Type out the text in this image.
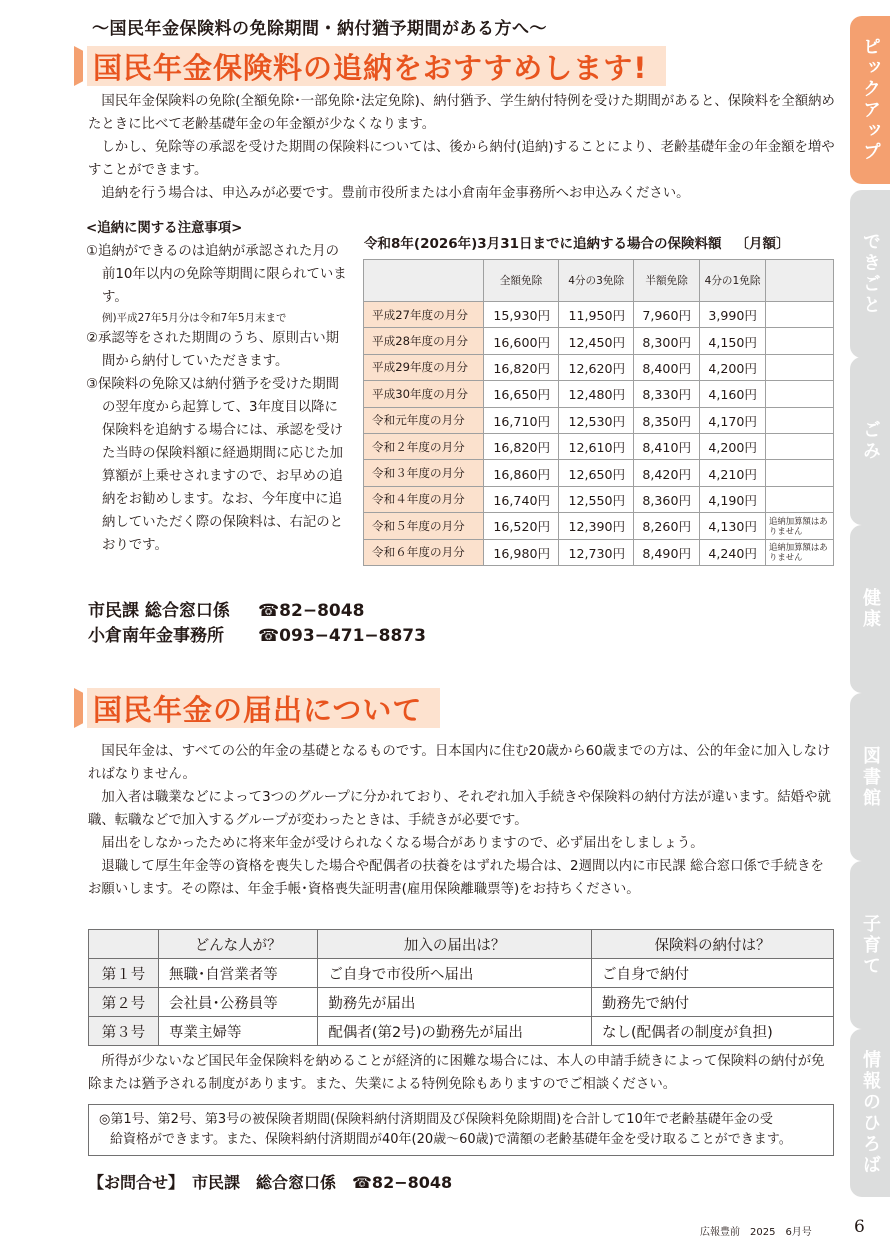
～国民年金保険料の免除期間・納付猶予期間がある方へ～
国民年金保険料の追納をおすすめします!

国民年金保険料の免除(全額免除･一部免除･法定免除)、納付猶予、学生納付特例を受けた期間があると、保険料を全額納めたときに比べて老齢基礎年金の年金額が少なくなります。

しかし、免除等の承認を受けた期間の保険料については、後から納付(追納)することにより、老齢基礎年金の年金額を増やすことができます。

追納を行う場合は、申込みが必要です。豊前市役所または小倉南年金事務所へお申込みください。

<追納に関する注意事項>
①追納ができるのは追納が承認された月の前10年以内の免除等期間に限られています。
例)平成27年5月分は令和7年5月末まで
②承認等をされた期間のうち、原則古い期間から納付していただきます。
③保険料の免除又は納付猶予を受けた期間の翌年度から起算して、3年度目以降に保険料を追納する場合には、承認を受けた当時の保険料額に経過期間に応じた加算額が上乗せされますので、お早めの追納をお勧めします。なお、今年度中に追納していただく際の保険料は、右記のとおりです。
市民課 総合窓口係 ☎82−8048
小倉南年金事務所 ☎093−471−8873
令和8年(2026年)3月31日までに追納する場合の保険料額 〔月額〕
	全額免除	4分の3免除	半額免除	4分の1免除	
平成27年度の月分	15,930円	11,950円	7,960円	3,990円	
平成28年度の月分	16,600円	12,450円	8,300円	4,150円	
平成29年度の月分	16,820円	12,620円	8,400円	4,200円	
平成30年度の月分	16,650円	12,480円	8,330円	4,160円	
令和元年度の月分	16,710円	12,530円	8,350円	4,170円	
令和２年度の月分	16,820円	12,610円	8,410円	4,200円	
令和３年度の月分	16,860円	12,650円	8,420円	4,210円	
令和４年度の月分	16,740円	12,550円	8,360円	4,190円	
令和５年度の月分	16,520円	12,390円	8,260円	4,130円	追納加算額はありません
令和６年度の月分	16,980円	12,730円	8,490円	4,240円	追納加算額はありません
国民年金の届出について

国民年金は、すべての公的年金の基礎となるものです。日本国内に住む20歳から60歳までの方は、公的年金に加入しなければなりません。

加入者は職業などによって3つのグループに分かれており、それぞれ加入手続きや保険料の納付方法が違います。結婚や就職、転職などで加入するグループが変わったときは、手続きが必要です。

届出をしなかったために将来年金が受けられなくなる場合がありますので、必ず届出をしましょう。

退職して厚生年金等の資格を喪失した場合や配偶者の扶養をはずれた場合は、2週間以内に市民課 総合窓口係で手続きをお願いします。その際は、年金手帳･資格喪失証明書(雇用保険離職票等)をお持ちください。

	どんな人が？	加入の届出は？	保険料の納付は？
第１号	無職･自営業者等	ご自身で市役所へ届出	ご自身で納付
第２号	会社員･公務員等	勤務先が届出	勤務先で納付
第３号	専業主婦等	配偶者(第2号)の勤務先が届出	なし(配偶者の制度が負担)
所得が少ないなど国民年金保険料を納めることが経済的に困難な場合には、本人の申請手続きによって保険料の納付が免除または猶予される制度があります。また、失業による特例免除もありますのでご相談ください。
◎第1号、第2号、第3号の被保険者期間(保険料納付済期間及び保険料免除期間)を合計して10年で老齢基礎年金の受
給資格ができます。また、保険料納付済期間が40年(20歳～60歳)で満額の老齢基礎年金を受け取ることができます。
【お問合せ】　市民課　総合窓口係　☎82−8048
広報豊前　2025　6月号 6
ピックアップ
できごと
ごみ
健康
図書館
子育て
情報のひろば
